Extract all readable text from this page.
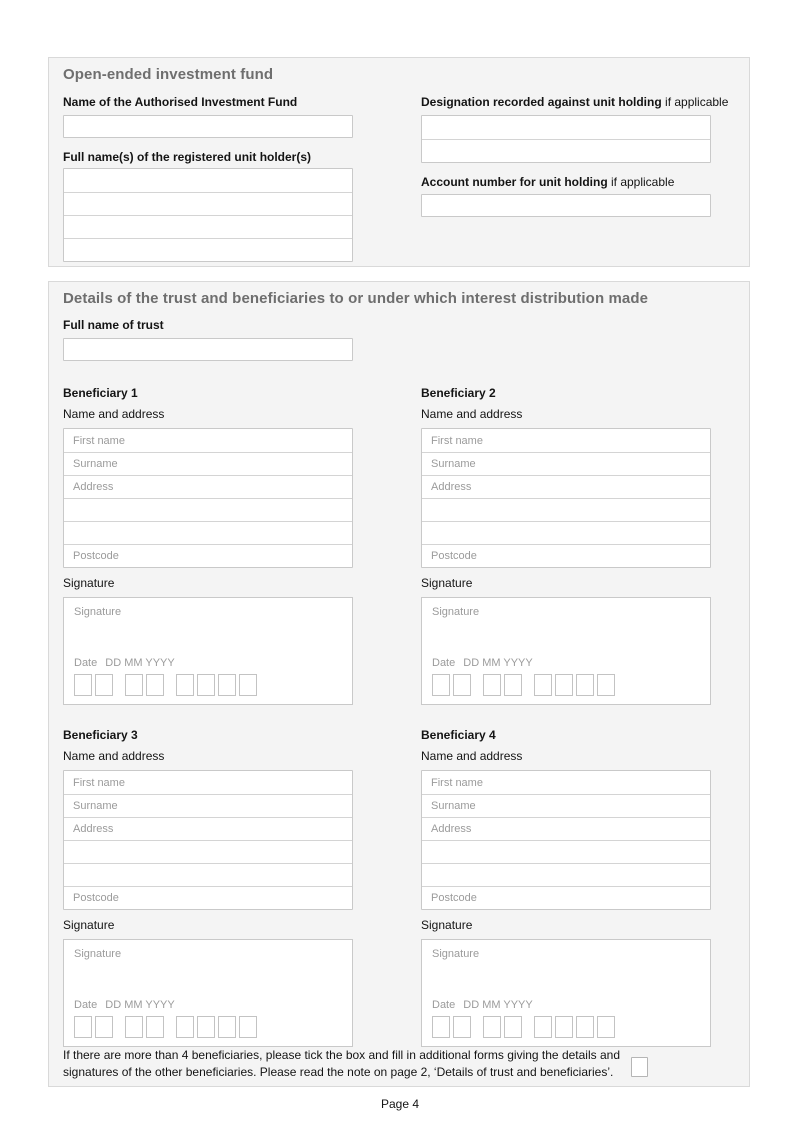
Open-ended investment fund
Name of the Authorised Investment Fund
Full name(s) of the registered unit holder(s)
Designation recorded against unit holding if applicable
Account number for unit holding if applicable
Details of the trust and beneficiaries to or under which interest distribution made
Full name of trust
Beneficiary 1
Name and address
First name
Surname
Address
Postcode
Signature
Signature
Date DD MM YYYY
Beneficiary 2
Name and address
First name
Surname
Address
Postcode
Signature
Signature
Date DD MM YYYY
Beneficiary 3
Name and address
First name
Surname
Address
Postcode
Signature
Signature
Date DD MM YYYY
Beneficiary 4
Name and address
First name
Surname
Address
Postcode
Signature
Signature
Date DD MM YYYY
If there are more than 4 beneficiaries, please tick the box and fill in additional forms giving the details and
signatures of the other beneficiaries. Please read the note on page 2, ‘Details of trust and beneficiaries’.
Page 4
